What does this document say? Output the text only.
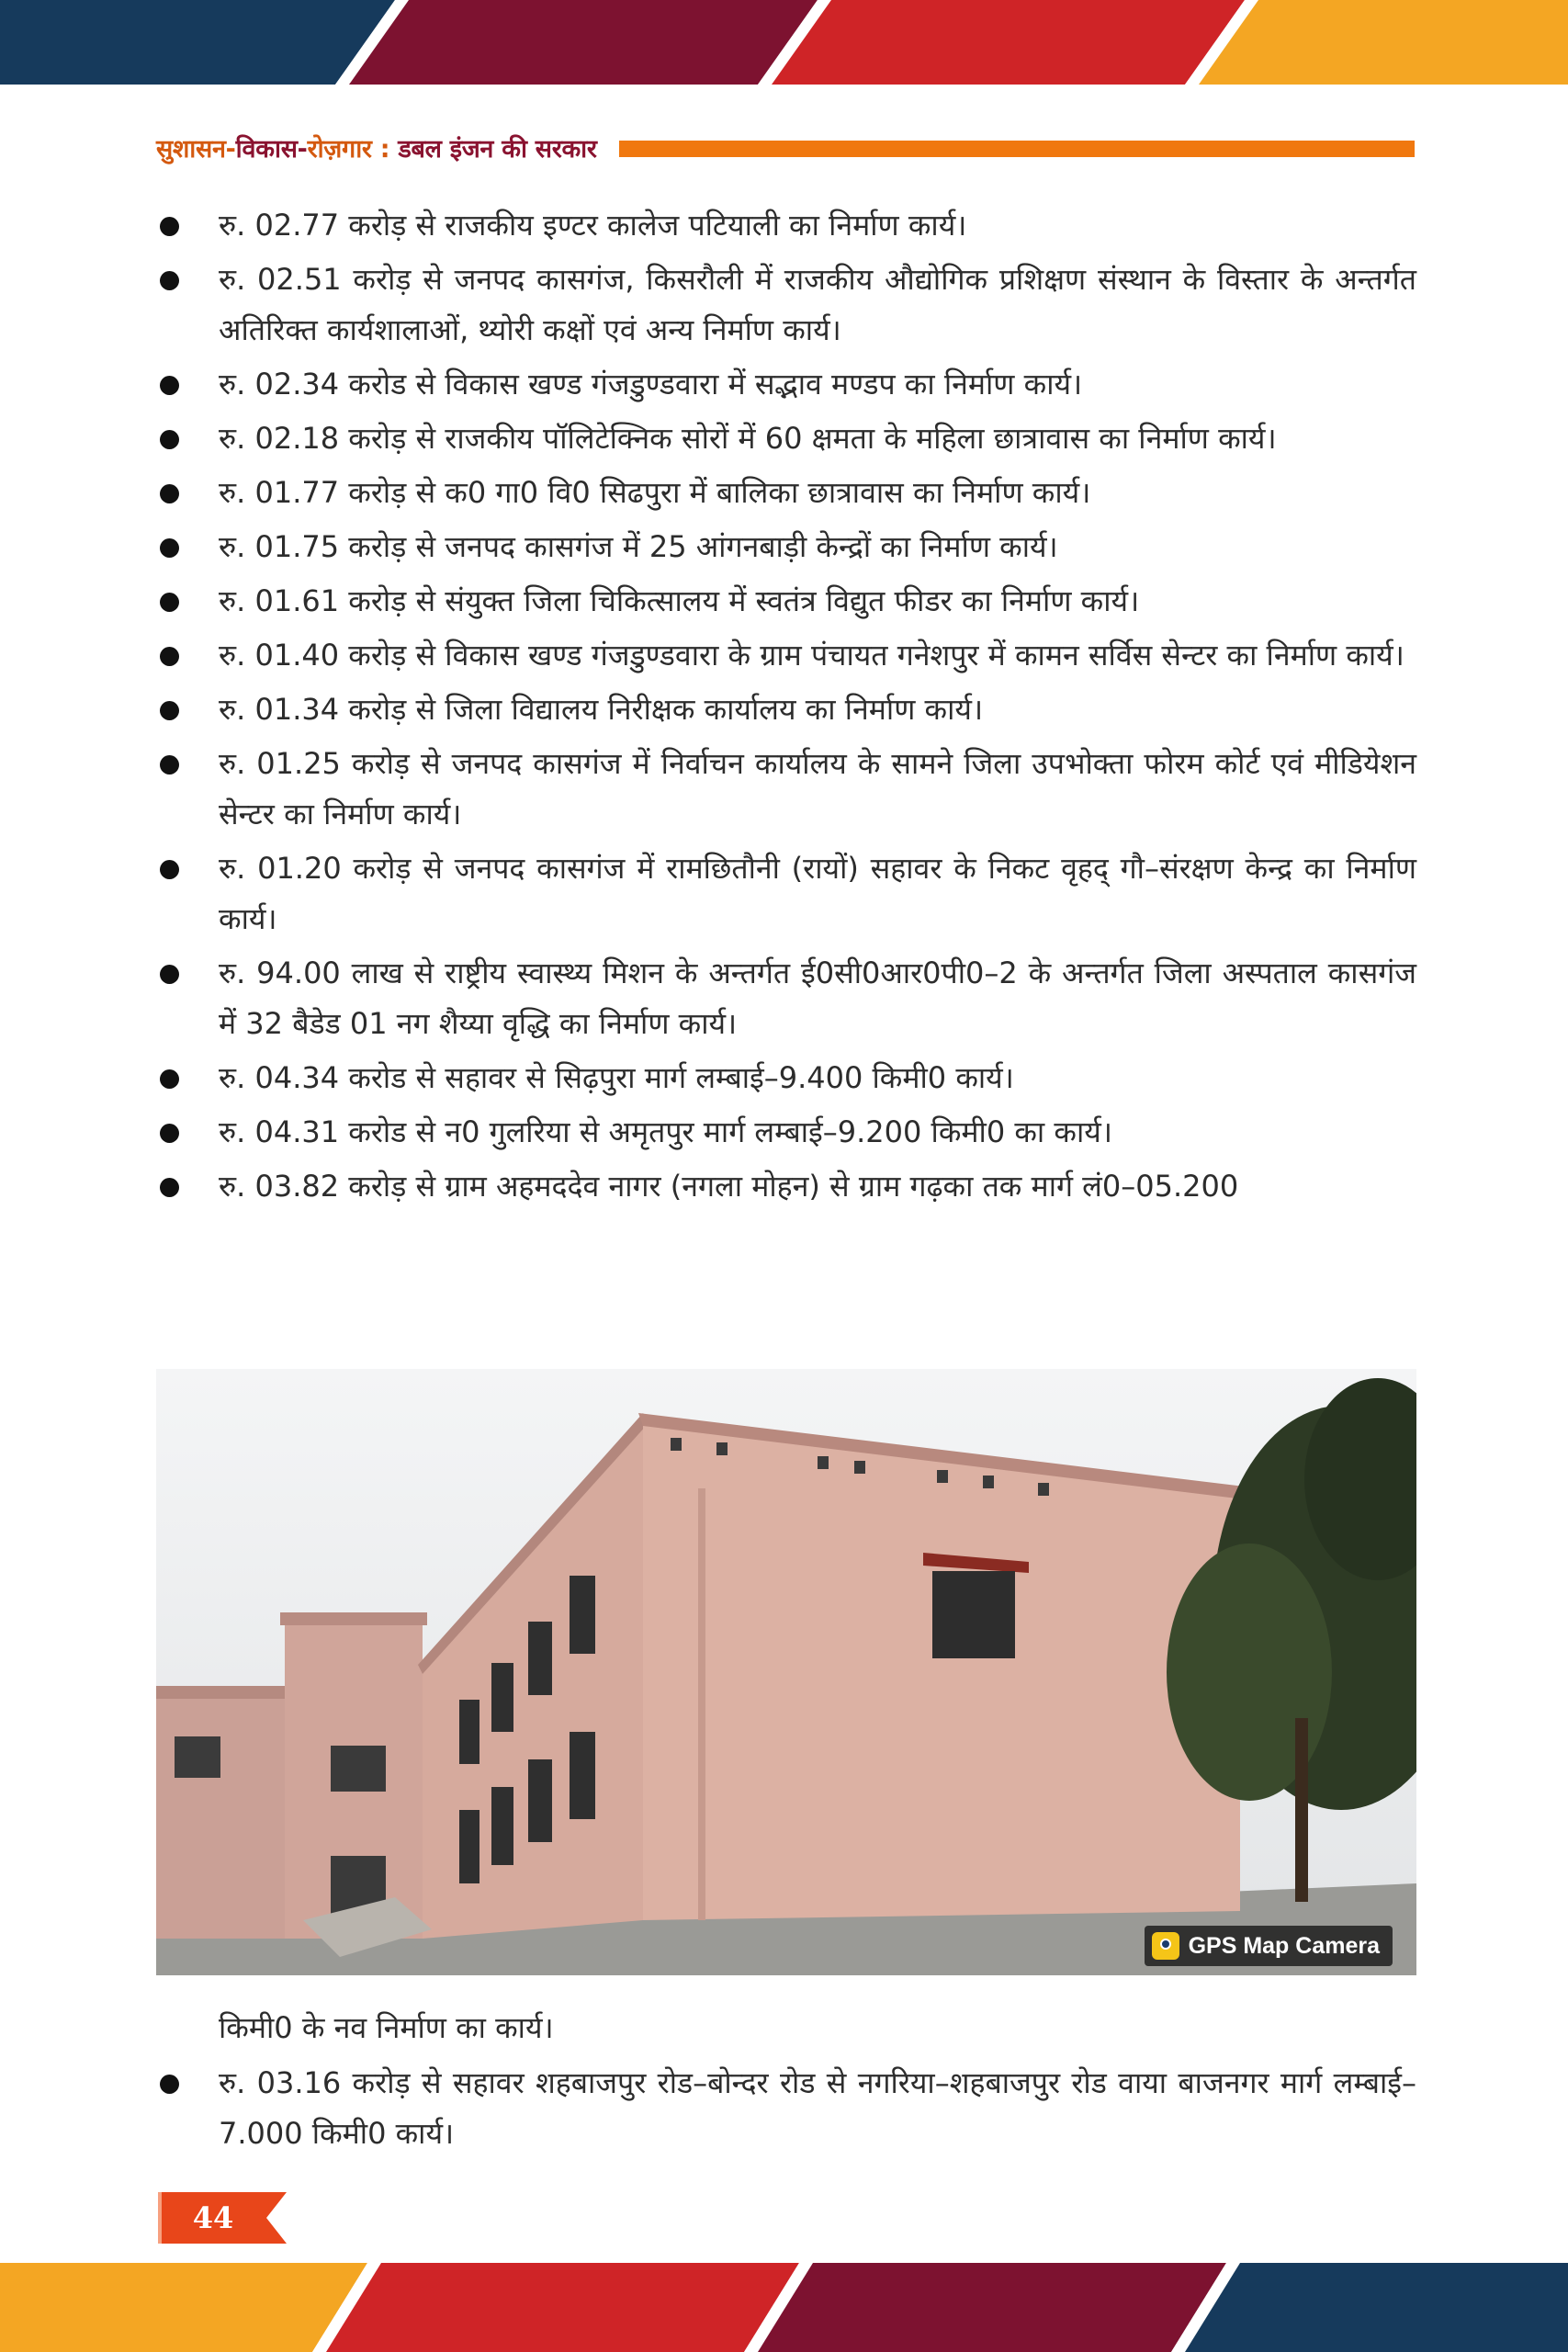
सुशासन-विकास-रोज़गार : डबल इंजन की सरकार
रु. 02.77 करोड़ से राजकीय इण्टर कालेज पटियाली का निर्माण कार्य।
रु. 02.51 करोड़ से जनपद कासगंज, किसरौली में राजकीय औद्योगिक प्रशिक्षण संस्थान के विस्तार के अन्तर्गत अतिरिक्त कार्यशालाओं, थ्योरी कक्षों एवं अन्य निर्माण कार्य।
रु. 02.34 करोड से विकास खण्ड गंजडुण्डवारा में सद्भाव मण्डप का निर्माण कार्य।
रु. 02.18 करोड़ से राजकीय पॉलिटेक्निक सोरों में 60 क्षमता के महिला छात्रावास का निर्माण कार्य।
रु. 01.77 करोड़ से क0 गा0 वि0 सिढपुरा में बालिका छात्रावास का निर्माण कार्य।
रु. 01.75 करोड़ से जनपद कासगंज में 25 आंगनबाड़ी केन्द्रों का निर्माण कार्य।
रु. 01.61 करोड़ से संयुक्त जिला चिकित्सालय में स्वतंत्र विद्युत फीडर का निर्माण कार्य।
रु. 01.40 करोड़ से विकास खण्ड गंजडुण्डवारा के ग्राम पंचायत गनेशपुर में कामन सर्विस सेन्टर का निर्माण कार्य।
रु. 01.34 करोड़ से जिला विद्यालय निरीक्षक कार्यालय का निर्माण कार्य।
रु. 01.25 करोड़ से जनपद कासगंज में निर्वाचन कार्यालय के सामने जिला उपभोक्ता फोरम कोर्ट एवं मीडियेशन सेन्टर का निर्माण कार्य।
रु. 01.20 करोड़ से जनपद कासगंज में रामछितौनी (रायों) सहावर के निकट वृहद् गौ–संरक्षण केन्द्र का निर्माण कार्य।
रु. 94.00 लाख से राष्ट्रीय स्वास्थ्य मिशन के अन्तर्गत ई0सी0आर0पी0–2 के अन्तर्गत जिला अस्पताल कासगंज में 32 बैडेड 01 नग शैय्या वृद्धि का निर्माण कार्य।
रु. 04.34 करोड से सहावर से सिढ़पुरा मार्ग लम्बाई–9.400 किमी0 कार्य।
रु. 04.31 करोड से न0 गुलरिया से अमृतपुर मार्ग लम्बाई–9.200 किमी0 का कार्य।
रु. 03.82 करोड़ से ग्राम अहमददेव नागर (नगला मोहन) से ग्राम गढ़का तक मार्ग लं0–05.200
GPS Map Camera

किमी0 के नव निर्माण का कार्य।

रु. 03.16 करोड़ से सहावर शहबाजपुर रोड–बोन्दर रोड से नगरिया–शहबाजपुर रोड वाया बाजनगर मार्ग लम्बाई–7.000 किमी0 कार्य।
44
